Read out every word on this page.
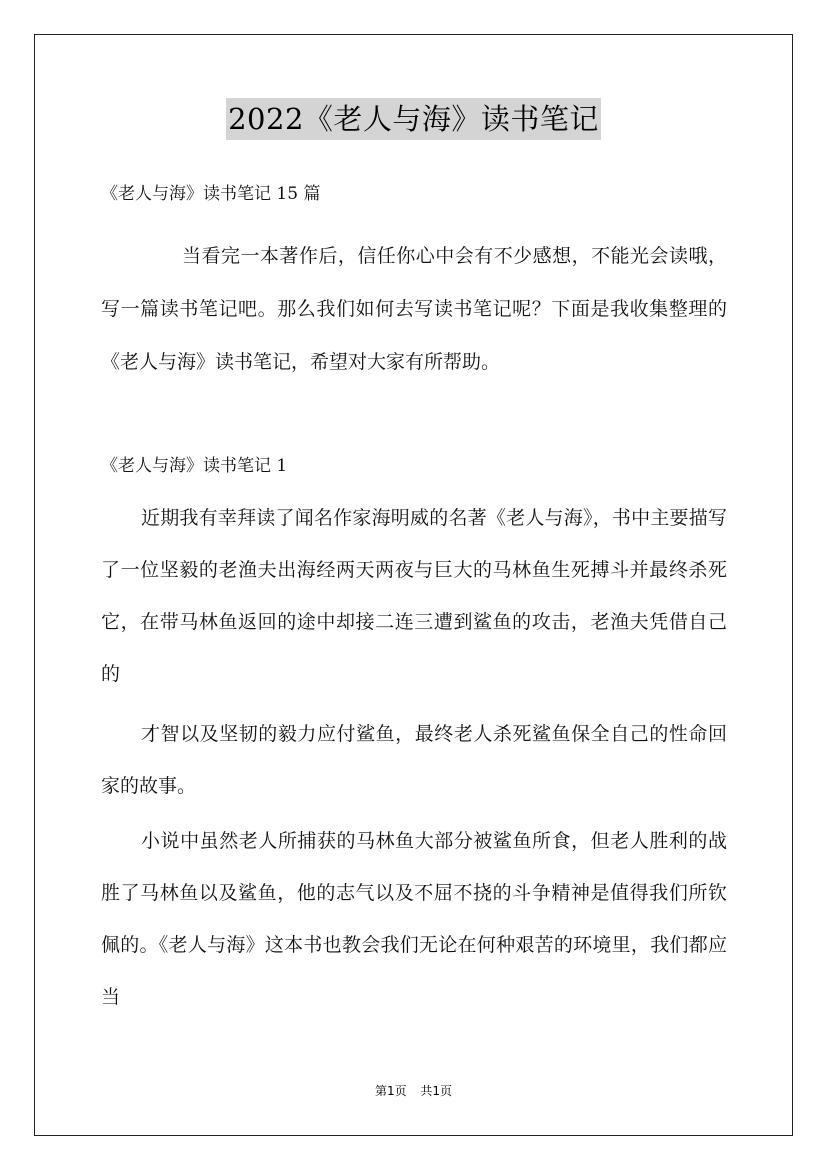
2022《老人与海》读书笔记
《老人与海》读书笔记 15 篇

当看完一本著作后，信任你心中会有不少感想，不能光会读哦，写一篇读书笔记吧。那么我们如何去写读书笔记呢？下面是我收集整理的《老人与海》读书笔记，希望对大家有所帮助。

《老人与海》读书笔记 1

近期我有幸拜读了闻名作家海明威的名著《老人与海》，书中主要描写了一位坚毅的老渔夫出海经两天两夜与巨大的马林鱼生死搏斗并最终杀死它，在带马林鱼返回的途中却接二连三遭到鲨鱼的攻击，老渔夫凭借自己的

才智以及坚韧的毅力应付鲨鱼，最终老人杀死鲨鱼保全自己的性命回家的故事。

小说中虽然老人所捕获的马林鱼大部分被鲨鱼所食，但老人胜利的战胜了马林鱼以及鲨鱼，他的志气以及不屈不挠的斗争精神是值得我们所钦佩的。《老人与海》这本书也教会我们无论在何种艰苦的环境里，我们都应当

第1页 共1页
